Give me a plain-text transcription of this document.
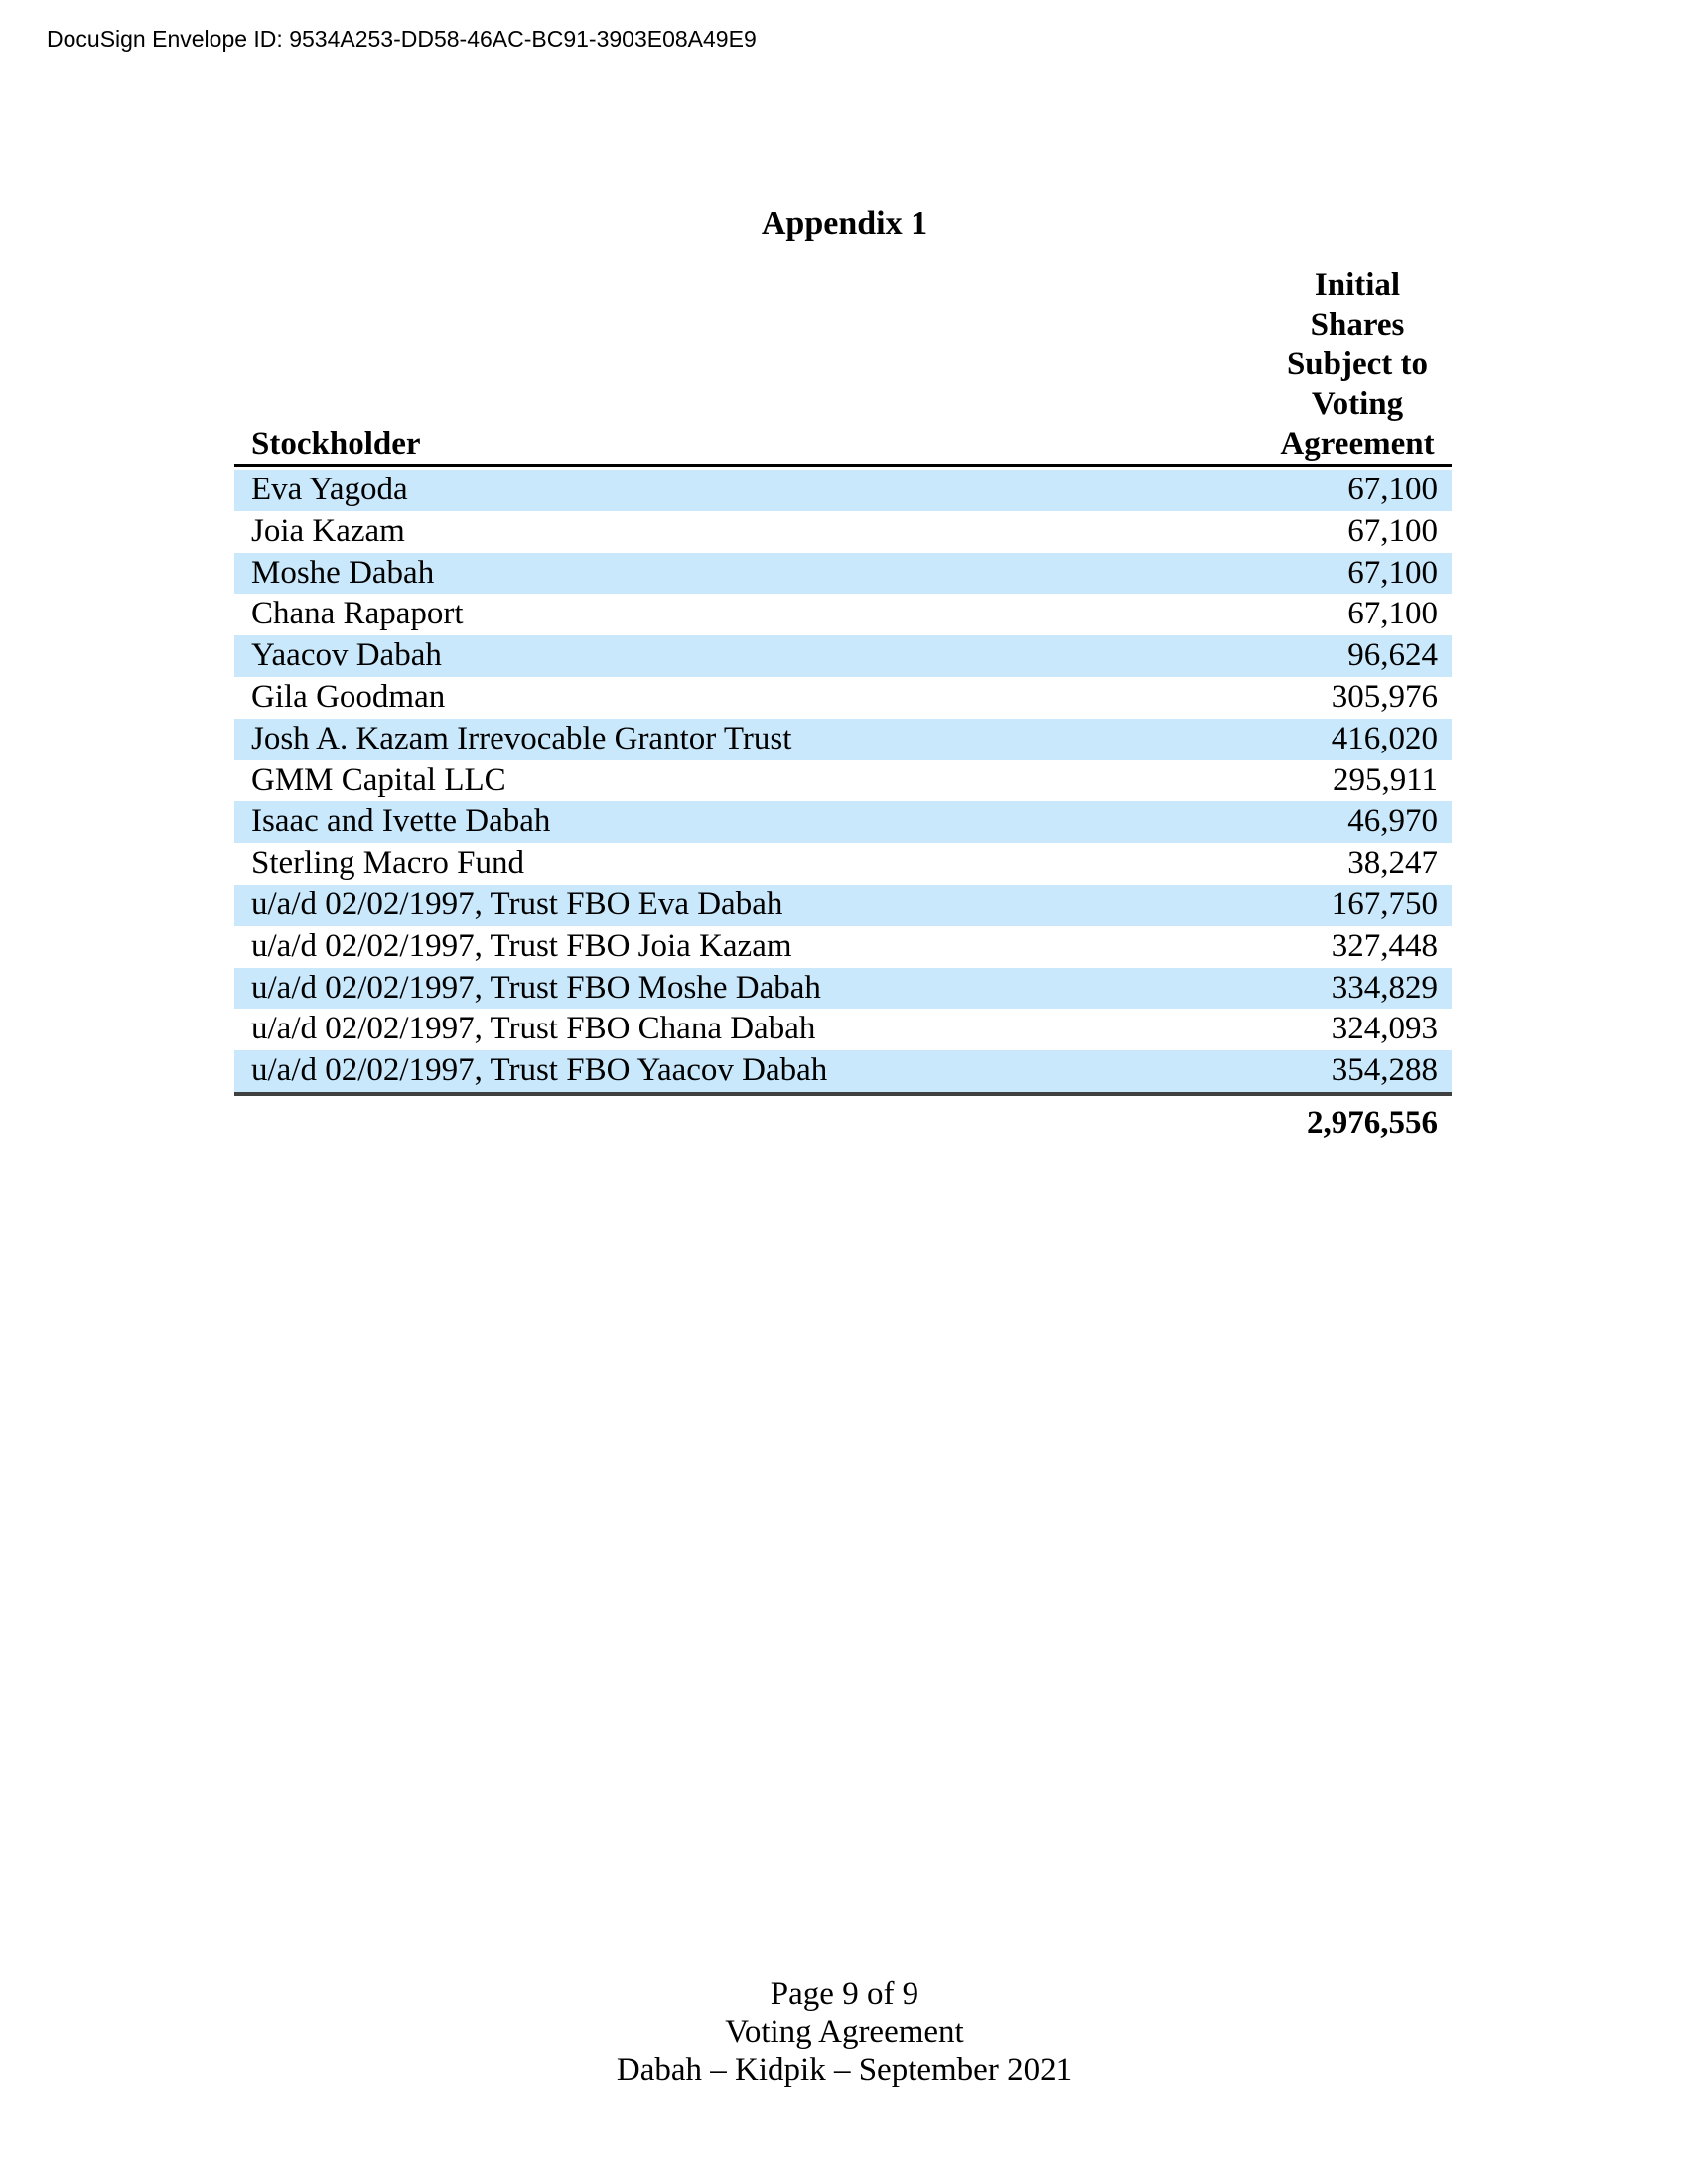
DocuSign Envelope ID: 9534A253-DD58-46AC-BC91-3903E08A49E9
Appendix 1
Stockholder
Initial
Shares
Subject to
Voting
Agreement
Eva Yagoda	67,100
Joia Kazam	67,100
Moshe Dabah	67,100
Chana Rapaport	67,100
Yaacov Dabah	96,624
Gila Goodman	305,976
Josh A. Kazam Irrevocable Grantor Trust	416,020
GMM Capital LLC	295,911
Isaac and Ivette Dabah	46,970
Sterling Macro Fund	38,247
u/a/d 02/02/1997, Trust FBO Eva Dabah	167,750
u/a/d 02/02/1997, Trust FBO Joia Kazam	327,448
u/a/d 02/02/1997, Trust FBO Moshe Dabah	334,829
u/a/d 02/02/1997, Trust FBO Chana Dabah	324,093
u/a/d 02/02/1997, Trust FBO Yaacov Dabah	354,288
2,976,556
Page 9 of 9
Voting Agreement
Dabah – Kidpik – September 2021
